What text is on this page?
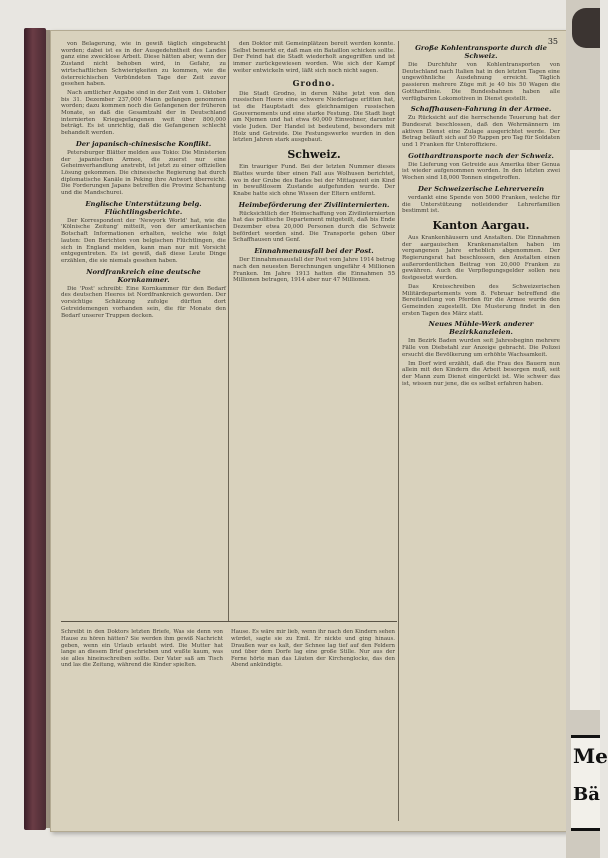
35

von Belagerung, wie in gewiß täglich eingebracht worden; dabei ist es in der Ausgedehntheit des Landes ganz eine zwecklose Arbeit. Diese hätten aber, wenn der Zustand nicht behoben wird, in Gefahr, zu wirtschaftlichen Schwierigkeiten zu kommen, wie die österreichischen Verbündeten Tage der Zeit zuvor gesehen haben.

Nach amtlicher Angabe sind in der Zeit vom 1. Oktober bis 31. Dezember 237,000 Mann gefangen genommen worden; dazu kommen noch die Gefangenen der früheren Monate, so daß die Gesamtzahl der in Deutschland internierten Kriegsgefangenen weit über 800,000 beträgt. Es ist unrichtig, daß die Gefangenen schlecht behandelt werden.

Der japanisch-chinesische Konflikt.

Petersburger Blätter melden aus Tokio: Die Ministerien der japanischen Armee, die zuerst nur eine Geheimverhandlung anstrebt, ist jetzt zu einer offiziellen Lösung gekommen. Die chinesische Regierung hat durch diplomatische Kanäle in Peking ihre Antwort überreicht. Die Forderungen Japans betreffen die Provinz Schantung und die Mandschurei.

Englische Unterstützung belg. Flüchtlingsberichte.

Der Korrespondent der 'Newyork World' hat, wie die 'Kölnische Zeitung' mitteilt, von der amerikanischen Botschaft Informationen erhalten, welche wie folgt lauten: Den Berichten von belgischen Flüchtlingen, die sich in England melden, kann man nur mit Vorsicht entgegentreten. Es ist gewiß, daß diese Leute Dinge erzählen, die sie niemals gesehen haben.

Nordfrankreich eine deutsche Kornkammer.

Die 'Post' schreibt: Eine Kornkammer für den Bedarf des deutschen Heeres ist Nordfrankreich geworden. Der vorsichtige Schätzung zufolge dürften dort Getreidemengen vorhanden sein, die für Monate den Bedarf unserer Truppen decken.

den Doktor mit Gemeinplätzen bereit werden konnte. Selbst bemerkt er, daß man ein Bataillon schicken sollte. Der Feind hat die Stadt wiederholt angegriffen und ist immer zurückgewiesen worden. Wie sich der Kampf weiter entwickeln wird, läßt sich noch nicht sagen.

Grodno.

Die Stadt Grodno, in deren Nähe jetzt von den russischen Heere eine schwere Niederlage erlitten hat, ist die Hauptstadt des gleichnamigen russischen Gouvernements und eine starke Festung. Die Stadt liegt am Njemen und hat etwa 60,000 Einwohner, darunter viele Juden. Der Handel ist bedeutend, besonders mit Holz und Getreide. Die Festungswerke wurden in den letzten Jahren stark ausgebaut.

Schweiz.

Ein trauriger Fund. Bei der letzten Nummer dieses Blattes wurde über einen Fall aus Wolhusen berichtet, wo in der Grube des Bades bei der Mittagszeit ein Kind in bewußtlosem Zustande aufgefunden wurde. Der Knabe hatte sich ohne Wissen der Eltern entfernt.

Heimbeförderung der Zivilinternierten.

Rücksichtlich der Heimschaffung von Zivilinternierten hat das politische Departement mitgeteilt, daß bis Ende Dezember etwa 20,000 Personen durch die Schweiz befördert worden sind. Die Transporte gehen über Schaffhausen und Genf.

Einnahmenausfall bei der Post.

Der Einnahmenausfall der Post vom Jahre 1914 betrug nach den neuesten Berechnungen ungefähr 4 Millionen Franken. Im Jahre 1913 hatten die Einnahmen 55 Millionen betragen, 1914 aber nur 47 Millionen.

Große Kohlentransporte durch die Schweiz.

Die Durchfuhr von Kohlentransporten von Deutschland nach Italien hat in den letzten Tagen eine ungewöhnliche Ausdehnung erreicht. Täglich passieren mehrere Züge mit je 40 bis 50 Wagen die Gotthardlinie. Die Bundesbahnen haben alle verfügbaren Lokomotiven in Dienst gestellt.

Schaffhausen-Fahrung in der Armee.

Zu Rücksicht auf die herrschende Teuerung hat der Bundesrat beschlossen, daß den Wehrmännern im aktiven Dienst eine Zulage ausgerichtet werde. Der Betrag beläuft sich auf 50 Rappen pro Tag für Soldaten und 1 Franken für Unteroffiziere.

Gotthardtransporte nach der Schweiz.

Die Lieferung von Getreide aus Amerika über Genua ist wieder aufgenommen worden. In den letzten zwei Wochen sind 18,000 Tonnen eingetroffen.

Der Schweizerische Lehrerverein

verdankt eine Spende von 5000 Franken, welche für die Unterstützung notleidender Lehrerfamilien bestimmt ist.

Kanton Aargau.

Aus Krankenhäusern und Anstalten. Die Einnahmen der aargauischen Krankenanstalten haben im vergangenen Jahre erheblich abgenommen. Der Regierungsrat hat beschlossen, den Anstalten einen außerordentlichen Beitrag von 20,000 Franken zu gewähren. Auch die Verpflegungsgelder sollen neu festgesetzt werden.

Das Kreisschreiben des Schweizerischen Militärdepartements vom 8. Februar betreffend die Bereitstellung von Pferden für die Armee wurde den Gemeinden zugestellt. Die Musterung findet in den ersten Tagen des März statt.

Neues Mühle-Werk anderer Bezirkkanzleien.

Im Bezirk Baden wurden seit Jahresbeginn mehrere Fälle von Diebstahl zur Anzeige gebracht. Die Polizei ersucht die Bevölkerung um erhöhte Wachsamkeit.

Im Dorf wird erzählt, daß die Frau des Bauern nun allein mit den Kindern die Arbeit besorgen muß, seit der Mann zum Dienst eingerückt ist. Wie schwer das ist, wissen nur jene, die es selbst erfahren haben.

Schreibt in den Doktors letzten Briefe, Was sie denn von Hause zu hören hätten? Sie werden ihm gewiß Nachricht geben, wenn ein Urlaub erlaubt wird. Die Mutter hat lange an diesem Brief geschrieben und wußte kaum, was sie alles hineinschreiben sollte. Der Vater saß am Tisch und las die Zeitung, während die Kinder spielten.

Hause. Es wäre mir lieb, wenn ihr nach den Kindern sehen würdet, sagte sie zu Emil. Er nickte und ging hinaus. Draußen war es kalt, der Schnee lag tief auf den Feldern und über dem Dorfe lag eine große Stille. Nur aus der Ferne hörte man das Läuten der Kirchenglocke, das den Abend ankündigte.

Me
Bä
